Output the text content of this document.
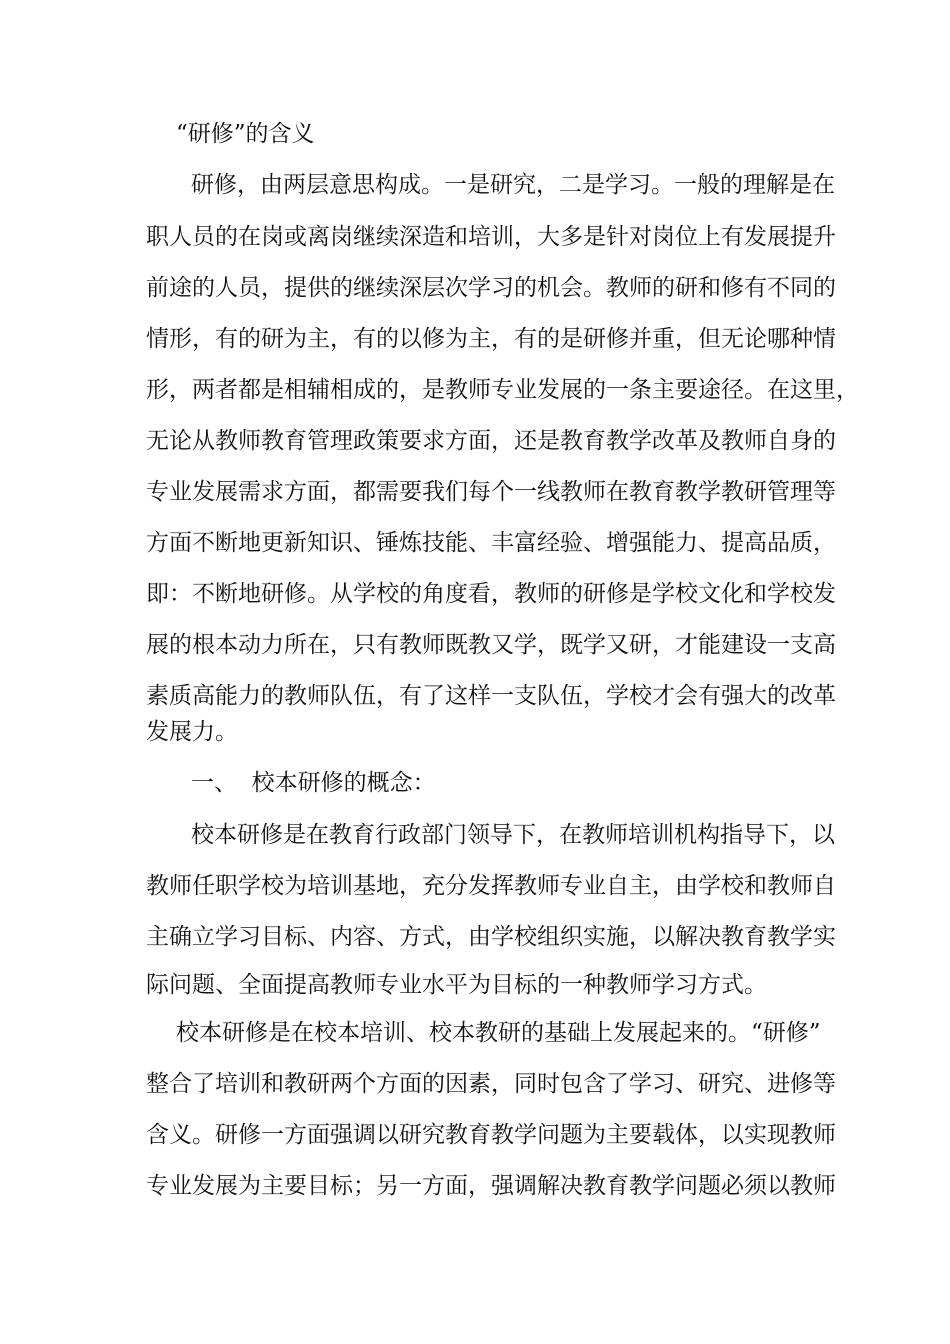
“研修”的含义
研修，由两层意思构成。一是研究，二是学习。一般的理解是在
职人员的在岗或离岗继续深造和培训，大多是针对岗位上有发展提升
前途的人员，提供的继续深层次学习的机会。教师的研和修有不同的
情形，有的研为主，有的以修为主，有的是研修并重，但无论哪种情
形，两者都是相辅相成的，是教师专业发展的一条主要途径。在这里，
无论从教师教育管理政策要求方面，还是教育教学改革及教师自身的
专业发展需求方面，都需要我们每个一线教师在教育教学教研管理等
方面不断地更新知识、锤炼技能、丰富经验、增强能力、提高品质，
即：不断地研修。从学校的角度看，教师的研修是学校文化和学校发
展的根本动力所在，只有教师既教又学，既学又研，才能建设一支高
素质高能力的教师队伍，有了这样一支队伍，学校才会有强大的改革
发展力。
一、  校本研修的概念：
校本研修是在教育行政部门领导下，在教师培训机构指导下，以
教师任职学校为培训基地，充分发挥教师专业自主，由学校和教师自
主确立学习目标、内容、方式，由学校组织实施，以解决教育教学实
际问题、全面提高教师专业水平为目标的一种教师学习方式。
校本研修是在校本培训、校本教研的基础上发展起来的。“研修”
整合了培训和教研两个方面的因素，同时包含了学习、研究、进修等
含义。研修一方面强调以研究教育教学问题为主要载体，以实现教师
专业发展为主要目标；另一方面，强调解决教育教学问题必须以教师
